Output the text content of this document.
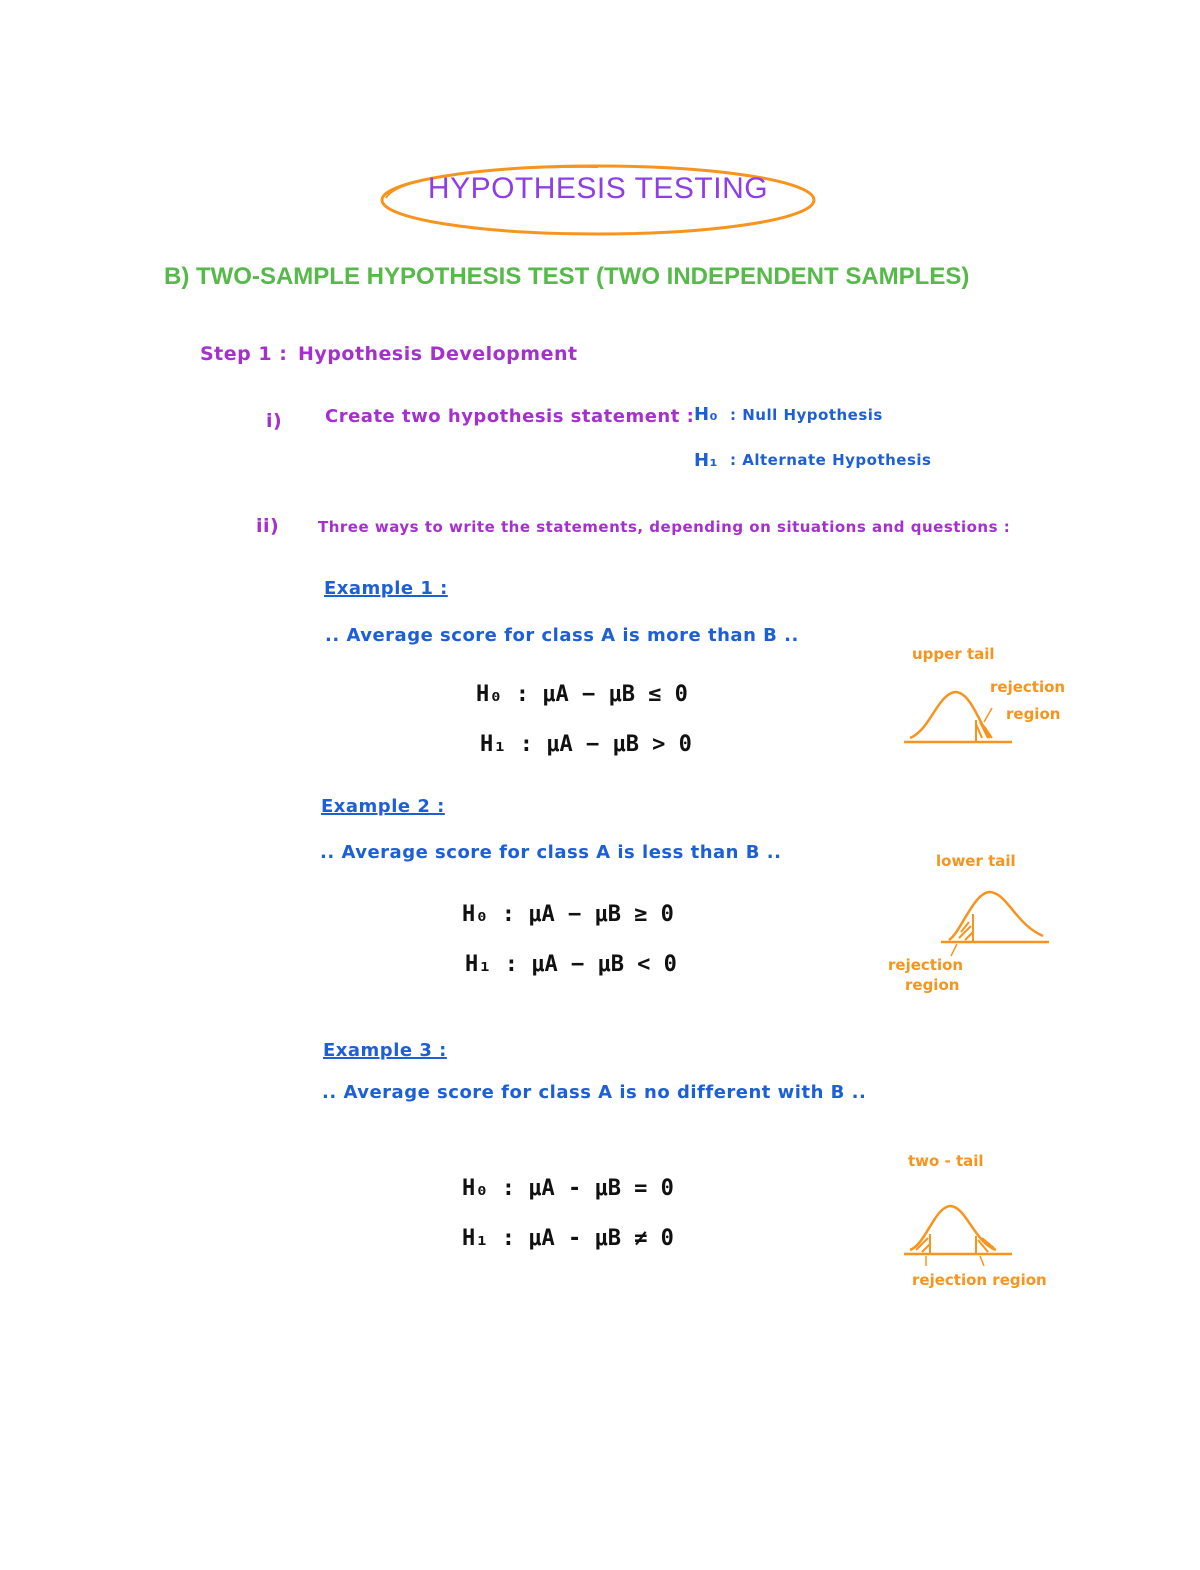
HYPOTHESIS TESTING
B) TWO-SAMPLE HYPOTHESIS TEST (TWO INDEPENDENT SAMPLES)
Step 1 : Hypothesis Development
i) Create two hypothesis statement : H₀ : Null Hypothesis
H₁ : Alternate Hypothesis
ii)	Three ways to write the statements, depending on situations and questions :
Example 1 :
.. Average score for class A is more than B ..
H₀ : μA − μB ≤ 0
H₁ : μA − μB > 0
upper tail
rejection
region
Example 2 :
.. Average score for class A is less than B ..
H₀ : μA − μB ≥ 0
H₁ : μA − μB < 0
lower tail
rejection
region
Example 3 :
.. Average score for class A is no different with B ..
H₀ : μA - μB = 0
H₁ : μA - μB ≠ 0
two - tail
rejection region
